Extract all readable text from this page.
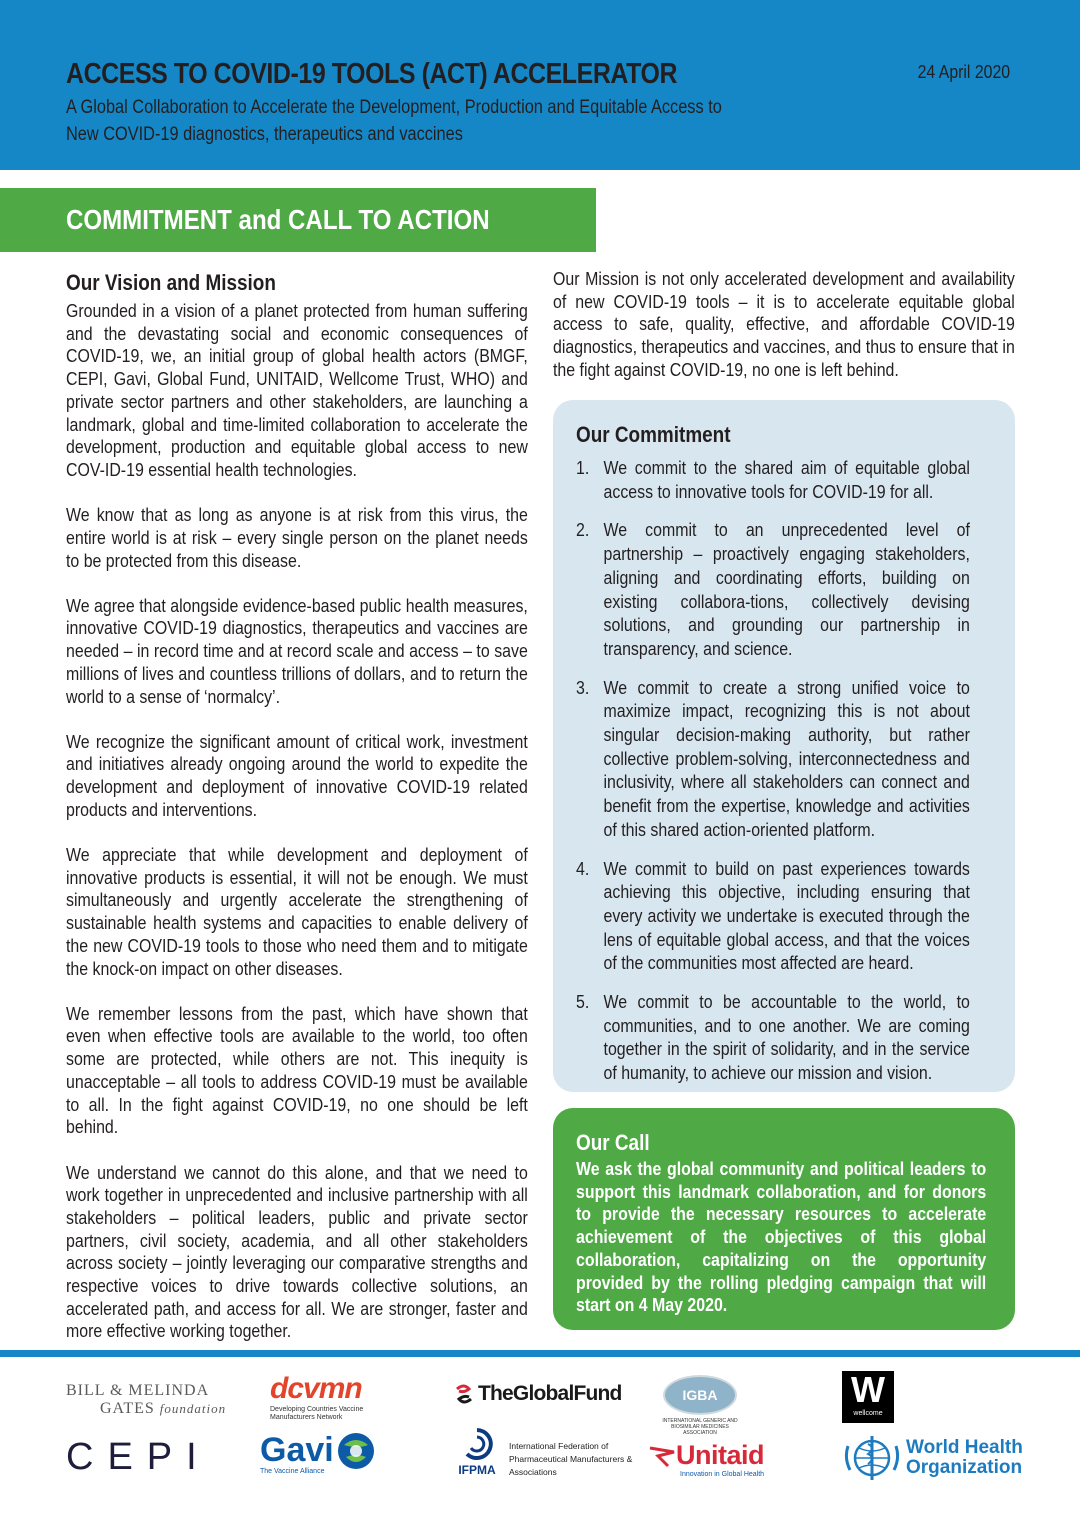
ACCESS TO COVID-19 TOOLS (ACT) ACCELERATOR
A Global Collaboration to Accelerate the Development, Production and Equitable Access to New COVID-19 diagnostics, therapeutics and vaccines
24 April 2020
COMMITMENT and CALL TO ACTION
Our Vision and Mission

Grounded in a vision of a planet protected from human suffering and the devastating social and economic consequences of COVID-19, we, an initial group of global health actors (BMGF, CEPI, Gavi, Global Fund, UNITAID, Wellcome Trust, WHO) and private sector partners and other stakeholders, are launching a landmark, global and time-limited collaboration to accelerate the development, production and equitable global access to new COV-ID-19 essential health technologies.

We know that as long as anyone is at risk from this virus, the entire world is at risk – every single person on the planet needs to be protected from this disease.

We agree that alongside evidence-based public health measures, innovative COVID-19 diagnostics, therapeutics and vaccines are needed – in record time and at record scale and access – to save millions of lives and countless trillions of dollars, and to return the world to a sense of ‘normalcy’.

We recognize the significant amount of critical work, investment and initiatives already ongoing around the world to expedite the development and deployment of innovative COVID-19 related products and interventions.

We appreciate that while development and deployment of innovative products is essential, it will not be enough. We must simultaneously and urgently accelerate the strengthening of sustainable health systems and capacities to enable delivery of the new COVID-19 tools to those who need them and to mitigate the knock-on impact on other diseases.

We remember lessons from the past, which have shown that even when effective tools are available to the world, too often some are protected, while others are not. This inequity is unacceptable – all tools to address COVID-19 must be available to all. In the fight against COVID-19, no one should be left behind.

We understand we cannot do this alone, and that we need to work together in unprecedented and inclusive partnership with all stakeholders – political leaders, public and private sector partners, civil society, academia, and all other stakeholders across society – jointly leveraging our comparative strengths and respective voices to drive towards collective solutions, an accelerated path, and access for all. We are stronger, faster and more effective working together.

Our Mission is not only accelerated development and availability of new COVID-19 tools – it is to accelerate equitable global access to safe, quality, effective, and affordable COVID-19 diagnostics, therapeutics and vaccines, and thus to ensure that in the fight against COVID-19, no one is left behind.

Our Commitment
1. We commit to the shared aim of equitable global access to innovative tools for COVID-19 for all.
2. We commit to an unprecedented level of partnership – proactively engaging stakeholders, aligning and coordinating efforts, building on existing collabora-tions, collectively devising solutions, and grounding our partnership in transparency, and science.
3. We commit to create a strong unified voice to maximize impact, recognizing this is not about singular decision-making authority, but rather collective problem-solving, interconnectedness and inclusivity, where all stakeholders can connect and benefit from the expertise, knowledge and activities of this shared action-oriented platform.
4. We commit to build on past experiences towards achieving this objective, including ensuring that every activity we undertake is executed through the lens of equitable global access, and that the voices of the communities most affected are heard.
5. We commit to be accountable to the world, to communities, and to one another. We are coming together in the spirit of solidarity, and in the service of humanity, to achieve our mission and vision.
Our Call

We ask the global community and political leaders to support this landmark collaboration, and for donors to provide the necessary resources to accelerate achievement of the objectives of this global collaboration, capitalizing on the opportunity provided by the rolling pledging campaign that will start on 4 May 2020.

BILL & MELINDA
GATES foundation
CEPI
dcvmn
Developing Countries Vaccine Manufacturers Network
Gavi
The Vaccine Alliance
TheGlobalFund
IFPMA
International Federation of Pharmaceutical Manufacturers & Associations
IGBA
INTERNATIONAL GENERIC AND BIOSIMILAR MEDICINES ASSOCIATION
Unitaid
Innovation in Global Health
W
wellcome
World Health
Organization
